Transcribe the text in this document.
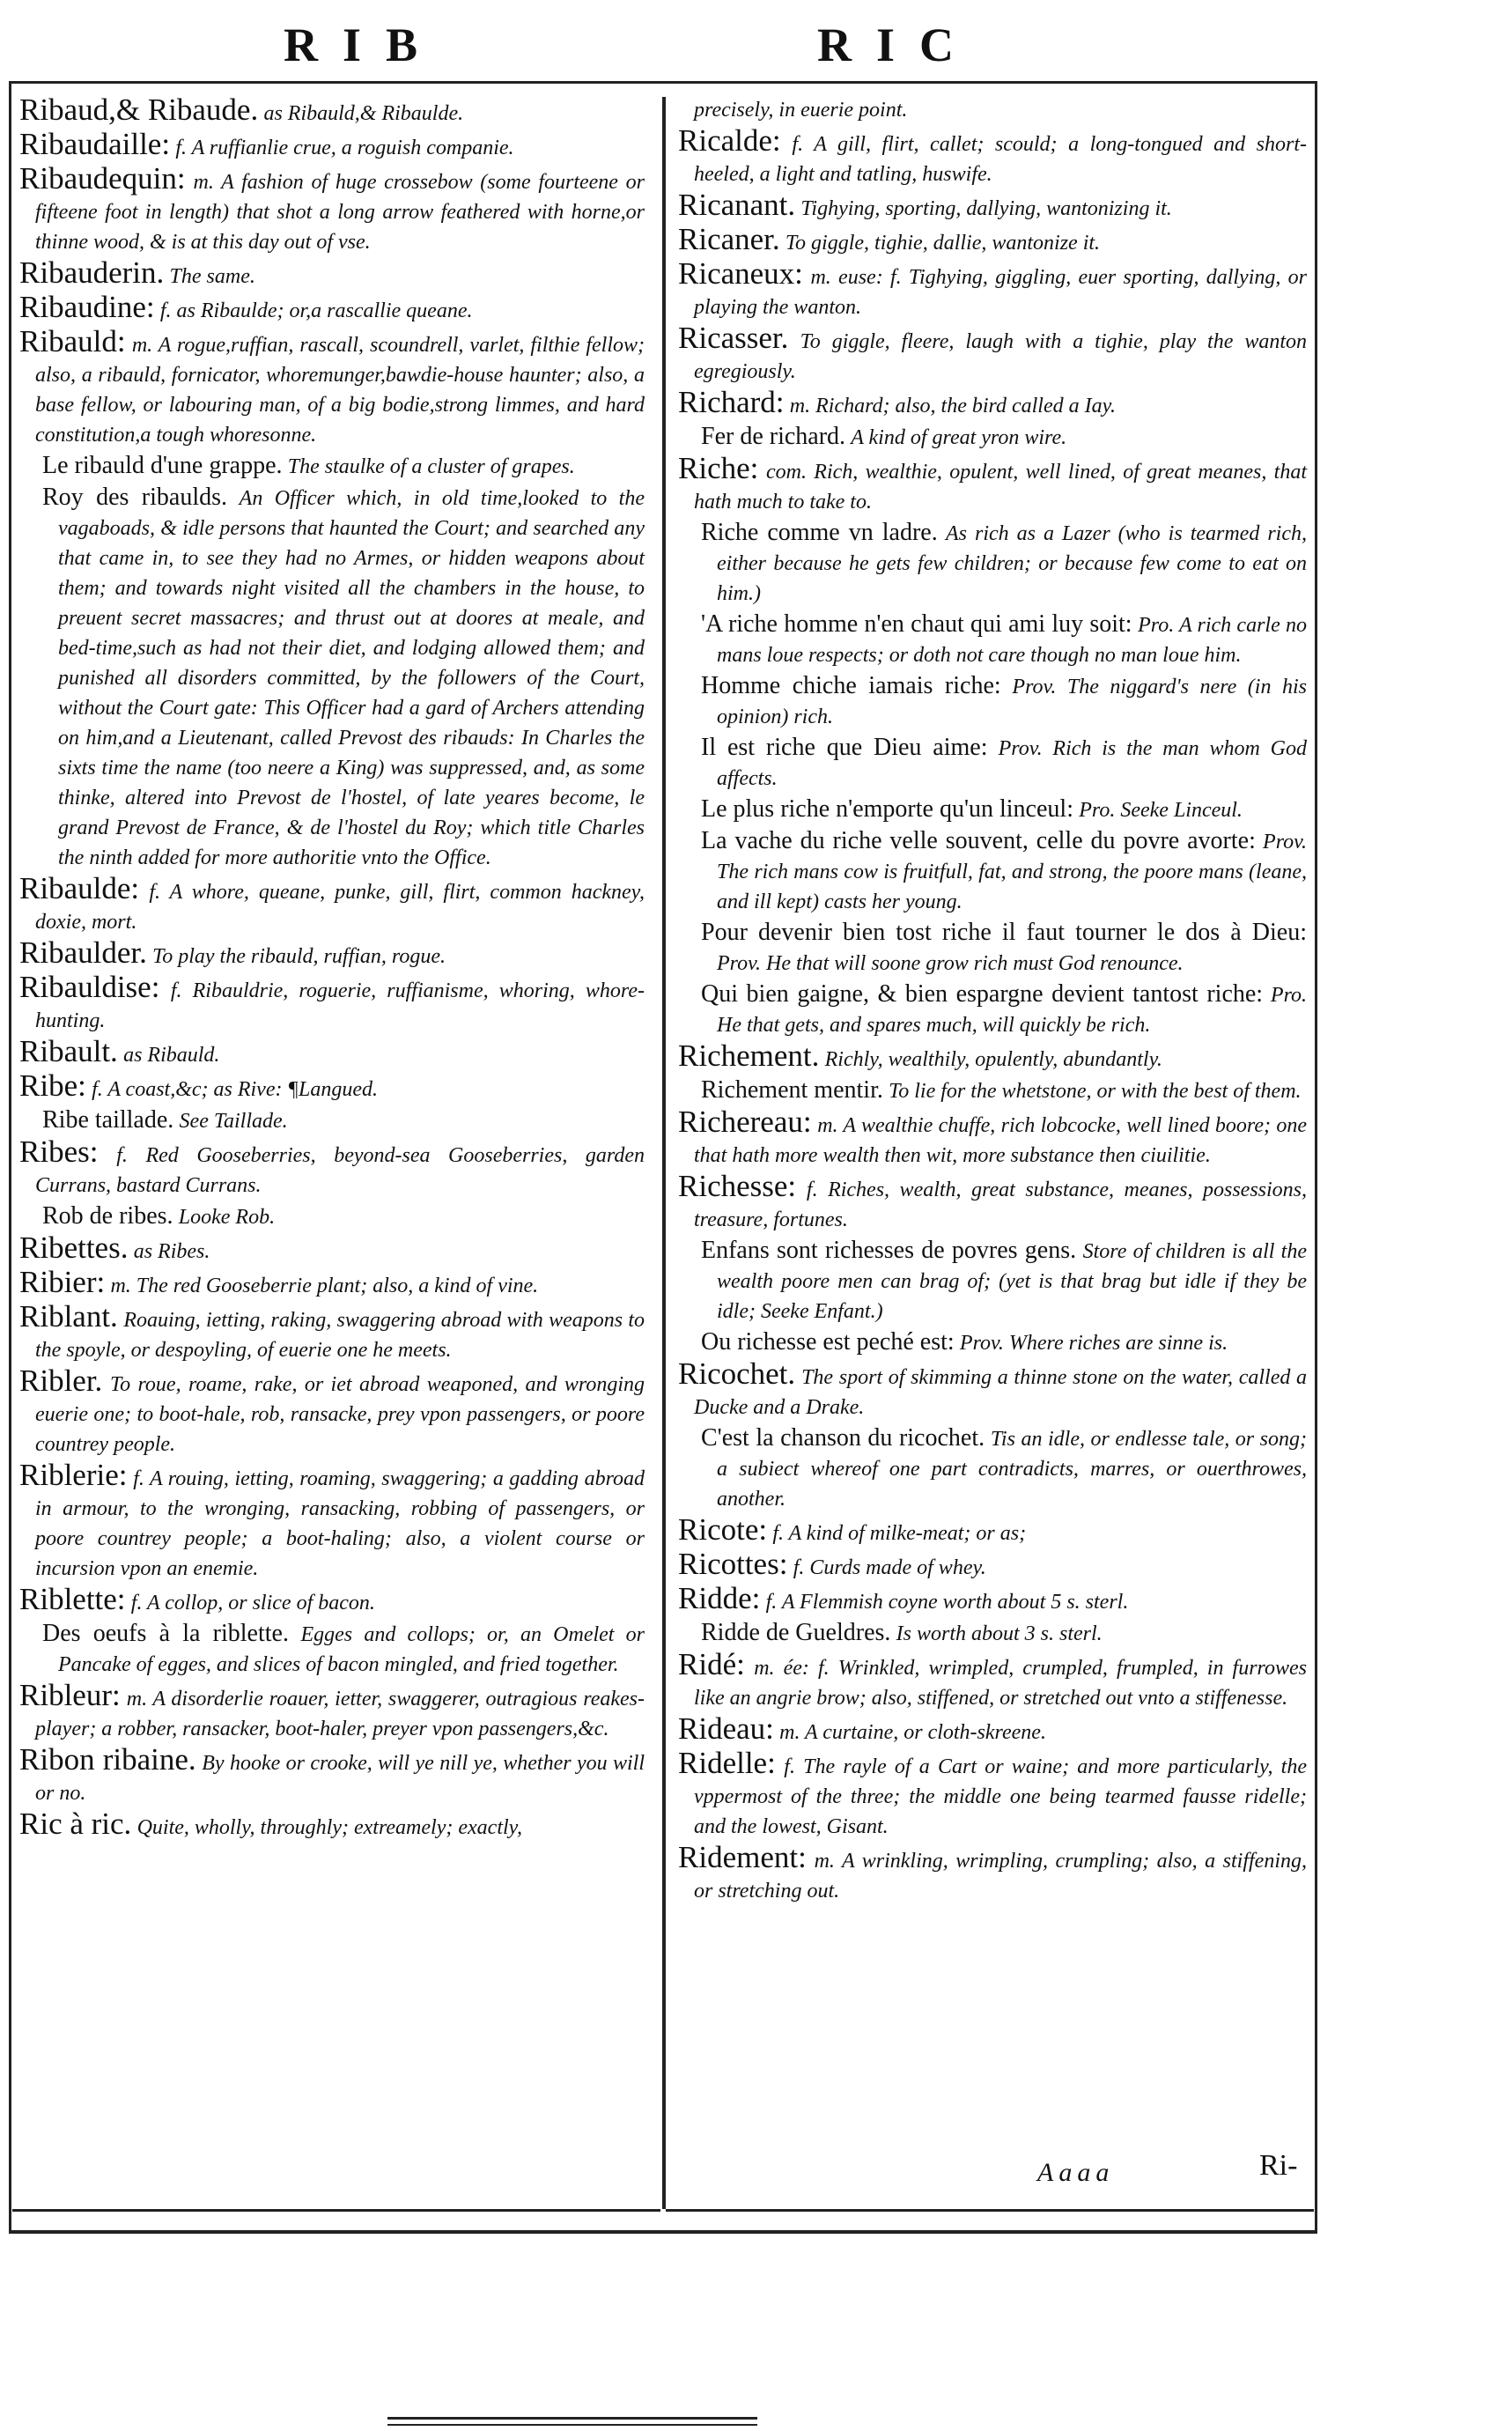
RIB	RIC

Ribaud,& Ribaude. as Ribauld,& Ribaulde.

Ribaudaille: f. A ruffianlie crue, a roguish companie.

Ribaudequin: m. A fashion of huge crossebow (some fourteene or fifteene foot in length) that shot a long arrow feathered with horne,or thinne wood, & is at this day out of vse.

Ribauderin. The same.

Ribaudine: f. as Ribaulde; or,a rascallie queane.

Ribauld: m. A rogue,ruffian, rascall, scoundrell, varlet, filthie fellow; also, a ribauld, fornicator, whoremunger,bawdie-house haunter; also, a base fellow, or labouring man, of a big bodie,strong limmes, and hard constitution,a tough whoresonne.

Le ribauld d'une grappe. The staulke of a cluster of grapes.

Roy des ribaulds. An Officer which, in old time,looked to the vagaboads, & idle persons that haunted the Court; and searched any that came in, to see they had no Armes, or hidden weapons about them; and towards night visited all the chambers in the house, to preuent secret massacres; and thrust out at doores at meale, and bed-time,such as had not their diet, and lodging allowed them; and punished all disorders committed, by the followers of the Court, without the Court gate: This Officer had a gard of Archers attending on him,and a Lieutenant, called Prevost des ribauds: In Charles the sixts time the name (too neere a King) was suppressed, and, as some thinke, altered into Prevost de l'hostel, of late yeares become, le grand Prevost de France, & de l'hostel du Roy; which title Charles the ninth added for more authoritie vnto the Office.

Ribaulde: f. A whore, queane, punke, gill, flirt, common hackney, doxie, mort.

Ribaulder. To play the ribauld, ruffian, rogue.

Ribauldise: f. Ribauldrie, roguerie, ruffianisme, whoring, whore-hunting.

Ribault. as Ribauld.

Ribe: f. A coast,&c; as Rive: ¶Langued.

Ribe taillade. See Taillade.

Ribes: f. Red Gooseberries, beyond-sea Gooseberries, garden Currans, bastard Currans.

Rob de ribes. Looke Rob.

Ribettes. as Ribes.

Ribier: m. The red Gooseberrie plant; also, a kind of vine.

Riblant. Roauing, ietting, raking, swaggering abroad with weapons to the spoyle, or despoyling, of euerie one he meets.

Ribler. To roue, roame, rake, or iet abroad weaponed, and wronging euerie one; to boot-hale, rob, ransacke, prey vpon passengers, or poore countrey people.

Riblerie: f. A rouing, ietting, roaming, swaggering; a gadding abroad in armour, to the wronging, ransacking, robbing of passengers, or poore countrey people; a boot-haling; also, a violent course or incursion vpon an enemie.

Riblette: f. A collop, or slice of bacon.

Des oeufs à la riblette. Egges and collops; or, an Omelet or Pancake of egges, and slices of bacon mingled, and fried together.

Ribleur: m. A disorderlie roauer, ietter, swaggerer, outragious reakes-player; a robber, ransacker, boot-haler, preyer vpon passengers,&c.

Ribon ribaine. By hooke or crooke, will ye nill ye, whether you will or no.

Ric à ric. Quite, wholly, throughly; extreamely; exactly,

precisely, in euerie point.

Ricalde: f. A gill, flirt, callet; scould; a long-tongued and short-heeled, a light and tatling, huswife.

Ricanant. Tighying, sporting, dallying, wantonizing it.

Ricaner. To giggle, tighie, dallie, wantonize it.

Ricaneux: m. euse: f. Tighying, giggling, euer sporting, dallying, or playing the wanton.

Ricasser. To giggle, fleere, laugh with a tighie, play the wanton egregiously.

Richard: m. Richard; also, the bird called a Iay.

Fer de richard. A kind of great yron wire.

Riche: com. Rich, wealthie, opulent, well lined, of great meanes, that hath much to take to.

Riche comme vn ladre. As rich as a Lazer (who is tearmed rich, either because he gets few children; or because few come to eat on him.)

'A riche homme n'en chaut qui ami luy soit: Pro. A rich carle no mans loue respects; or doth not care though no man loue him.

Homme chiche iamais riche: Prov. The niggard's nere (in his opinion) rich.

Il est riche que Dieu aime: Prov. Rich is the man whom God affects.

Le plus riche n'emporte qu'un linceul: Pro. Seeke Linceul.

La vache du riche velle souvent, celle du povre avorte: Prov. The rich mans cow is fruitfull, fat, and strong, the poore mans (leane, and ill kept) casts her young.

Pour devenir bien tost riche il faut tourner le dos à Dieu: Prov. He that will soone grow rich must God renounce.

Qui bien gaigne, & bien espargne devient tantost riche: Pro. He that gets, and spares much, will quickly be rich.

Richement. Richly, wealthily, opulently, abundantly.

Richement mentir. To lie for the whetstone, or with the best of them.

Richereau: m. A wealthie chuffe, rich lobcocke, well lined boore; one that hath more wealth then wit, more substance then ciuilitie.

Richesse: f. Riches, wealth, great substance, meanes, possessions, treasure, fortunes.

Enfans sont richesses de povres gens. Store of children is all the wealth poore men can brag of; (yet is that brag but idle if they be idle; Seeke Enfant.)

Ou richesse est peché est: Prov. Where riches are sinne is.

Ricochet. The sport of skimming a thinne stone on the water, called a Ducke and a Drake.

C'est la chanson du ricochet. Tis an idle, or endlesse tale, or song; a subiect whereof one part contradicts, marres, or ouerthrowes, another.

Ricote: f. A kind of milke-meat; or as;

Ricottes: f. Curds made of whey.

Ridde: f. A Flemmish coyne worth about 5 s. sterl.

Ridde de Gueldres. Is worth about 3 s. sterl.

Ridé: m. ée: f. Wrinkled, wrimpled, crumpled, frumpled, in furrowes like an angrie brow; also, stiffened, or stretched out vnto a stiffenesse.

Rideau: m. A curtaine, or cloth-skreene.

Ridelle: f. The rayle of a Cart or waine; and more particularly, the vppermost of the three; the middle one being tearmed fausse ridelle; and the lowest, Gisant.

Ridement: m. A wrinkling, wrimpling, crumpling; also, a stiffening, or stretching out.

Aaaa	Ri-
